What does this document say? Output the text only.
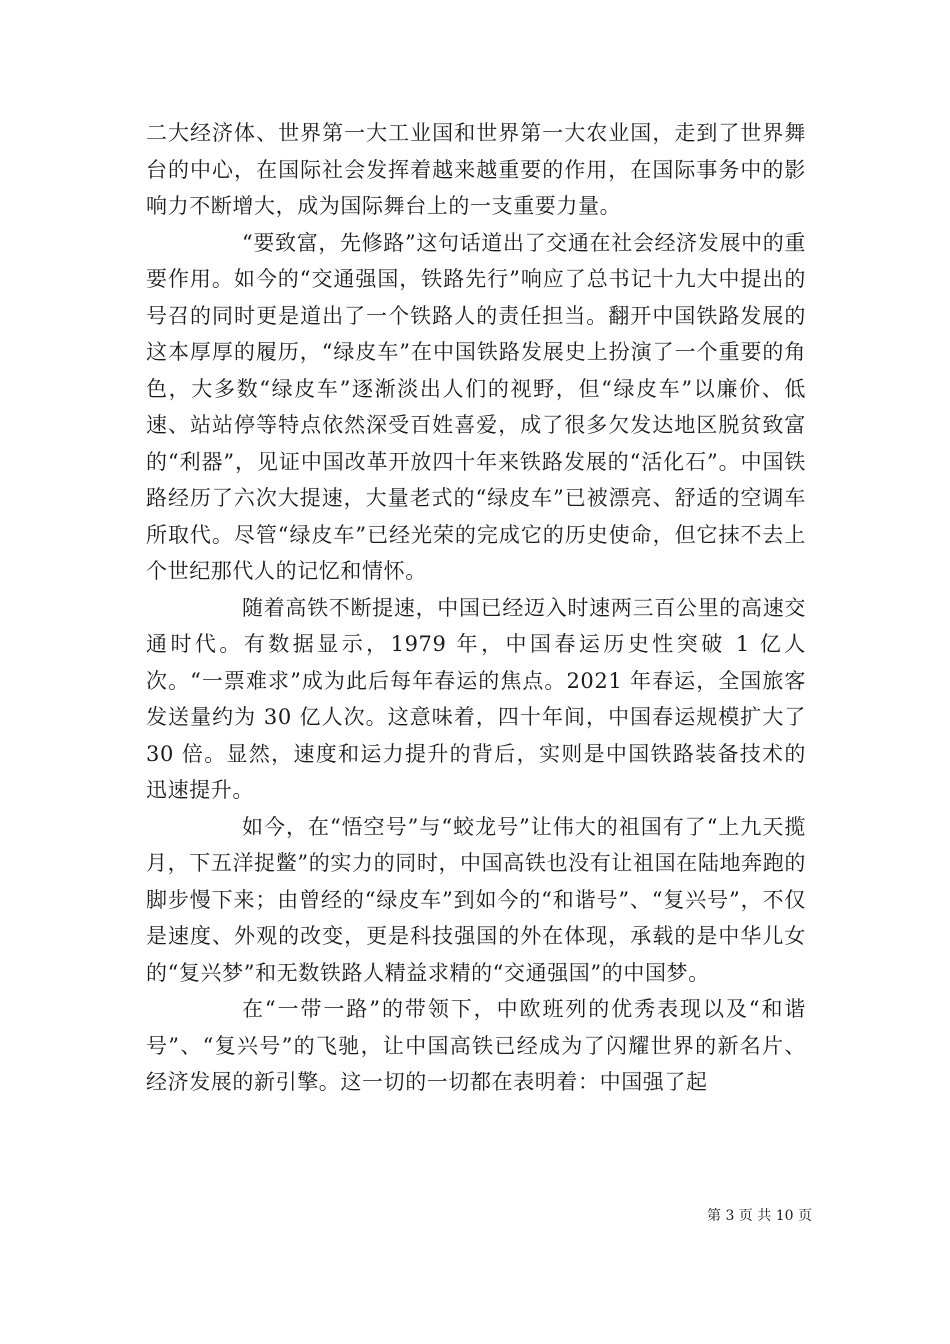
二大经济体、世界第一大工业国和世界第一大农业国，走到了世界舞台的中心，在国际社会发挥着越来越重要的作用，在国际事务中的影响力不断增大，成为国际舞台上的一支重要力量。

“要致富，先修路”这句话道出了交通在社会经济发展中的重要作用。如今的“交通强国，铁路先行”响应了总书记十九大中提出的号召的同时更是道出了一个铁路人的责任担当。翻开中国铁路发展的这本厚厚的履历，“绿皮车”在中国铁路发展史上扮演了一个重要的角色，大多数“绿皮车”逐渐淡出人们的视野，但“绿皮车”以廉价、低速、站站停等特点依然深受百姓喜爱，成了很多欠发达地区脱贫致富的“利器”，见证中国改革开放四十年来铁路发展的“活化石”。中国铁路经历了六次大提速，大量老式的“绿皮车”已被漂亮、舒适的空调车所取代。尽管“绿皮车”已经光荣的完成它的历史使命，但它抹不去上个世纪那代人的记忆和情怀。

随着高铁不断提速，中国已经迈入时速两三百公里的高速交通时代。有数据显示，1979 年，中国春运历史性突破 1 亿人次。“一票难求”成为此后每年春运的焦点。2021 年春运，全国旅客发送量约为 30 亿人次。这意味着，四十年间，中国春运规模扩大了 30 倍。显然，速度和运力提升的背后，实则是中国铁路装备技术的迅速提升。

如今，在“悟空号”与“蛟龙号”让伟大的祖国有了“上九天揽月，下五洋捉鳖”的实力的同时，中国高铁也没有让祖国在陆地奔跑的脚步慢下来；由曾经的“绿皮车”到如今的“和谐号”、“复兴号”，不仅是速度、外观的改变，更是科技强国的外在体现，承载的是中华儿女的“复兴梦”和无数铁路人精益求精的“交通强国”的中国梦。

在“一带一路”的带领下，中欧班列的优秀表现以及“和谐号”、“复兴号”的飞驰，让中国高铁已经成为了闪耀世界的新名片、经济发展的新引擎。这一切的一切都在表明着：中国强了起

第 3 页 共 10 页
